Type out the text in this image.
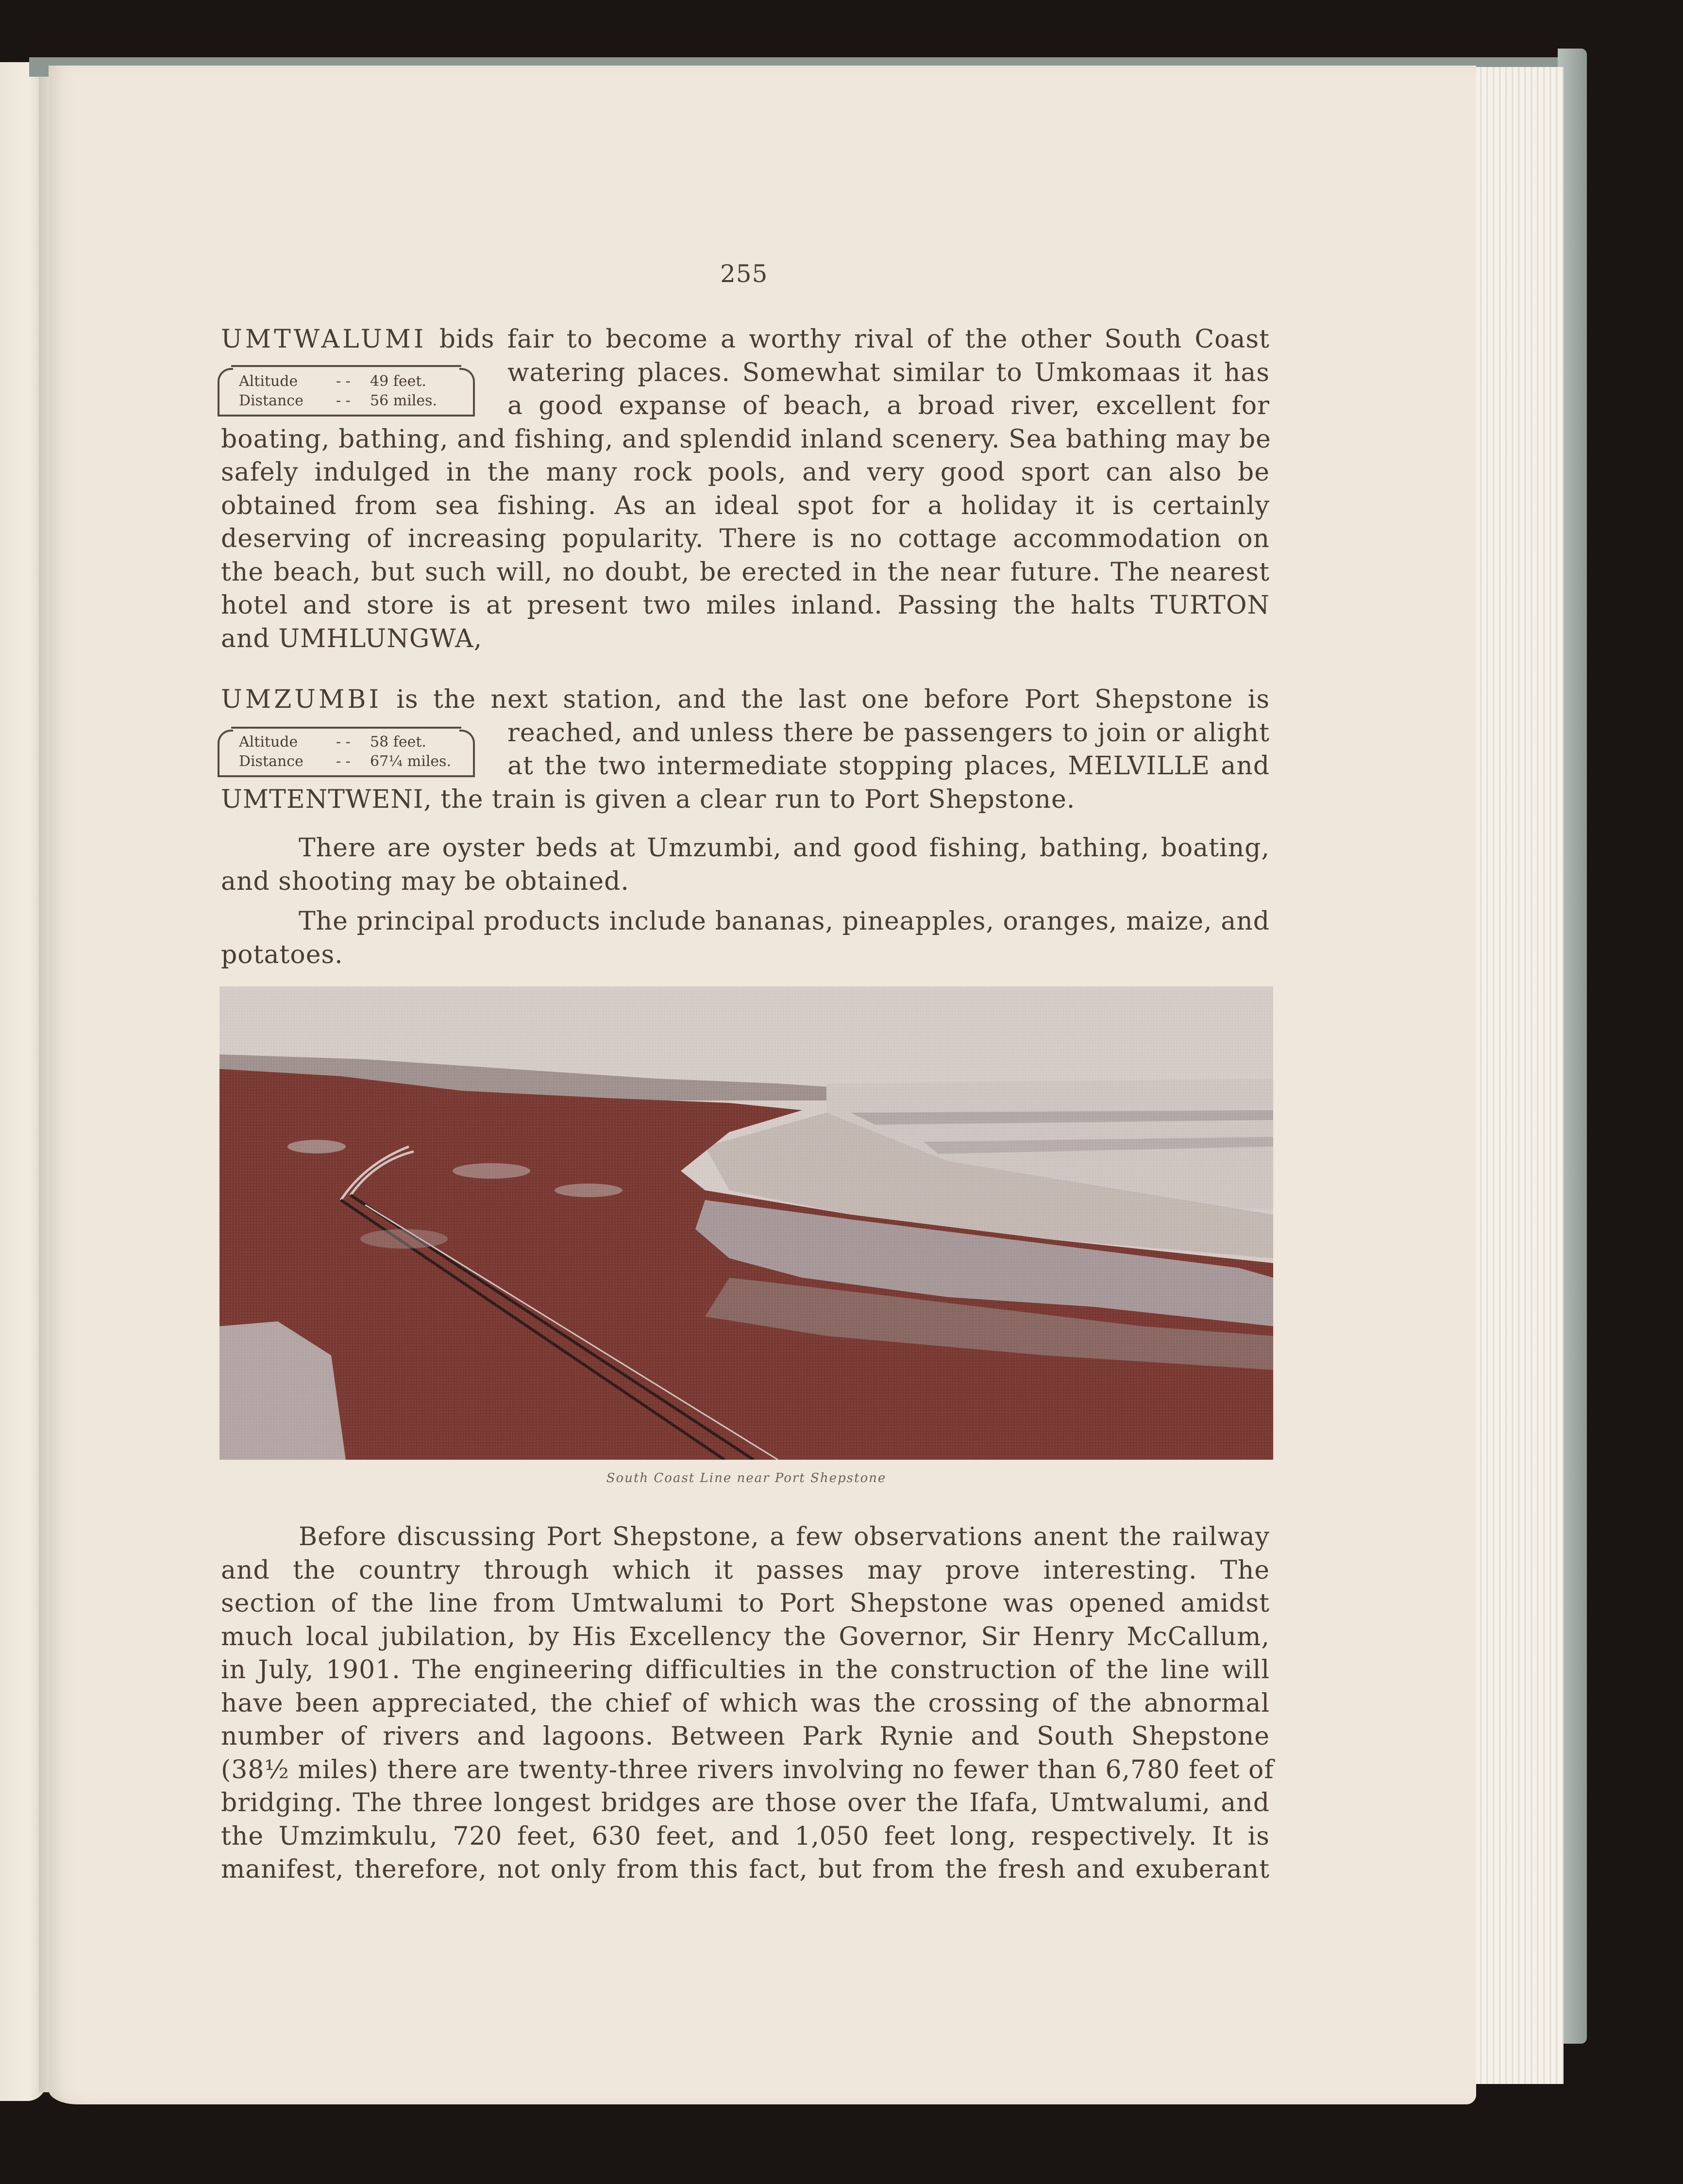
255
UMTWALUMI bids fair to become a worthy rival of the other South Coast
watering places. Somewhat similar to Umkomaas it has
a good expanse of beach, a broad river, excellent for
boating, bathing, and fishing, and splendid inland scenery. Sea bathing may be
safely indulged in the many rock pools, and very good sport can also be
obtained from sea fishing. As an ideal spot for a holiday it is certainly
deserving of increasing popularity. There is no cottage accommodation on
the beach, but such will, no doubt, be erected in the near future. The nearest
hotel and store is at present two miles inland. Passing the halts TURTON
and UMHLUNGWA,
Altitude	- - 49 feet.
Distance - - 56 miles.
UMZUMBI is the next station, and the last one before Port Shepstone is
reached, and unless there be passengers to join or alight
at the two intermediate stopping places, MELVILLE and
UMTENTWENI, the train is given a clear run to Port Shepstone.
Altitude	- - 58 feet.
Distance - - 67¼ miles.
There are oyster beds at Umzumbi, and good fishing, bathing, boating,
and shooting may be obtained.
The principal products include bananas, pineapples, oranges, maize, and
potatoes.
South Coast Line near Port Shepstone
Before discussing Port Shepstone, a few observations anent the railway
and the country through which it passes may prove interesting. The
section of the line from Umtwalumi to Port Shepstone was opened amidst
much local jubilation, by His Excellency the Governor, Sir Henry McCallum,
in July, 1901. The engineering difficulties in the construction of the line will
have been appreciated, the chief of which was the crossing of the abnormal
number of rivers and lagoons. Between Park Rynie and South Shepstone
(38½ miles) there are twenty-three rivers involving no fewer than 6,780 feet of
bridging. The three longest bridges are those over the Ifafa, Umtwalumi, and
the Umzimkulu, 720 feet, 630 feet, and 1,050 feet long, respectively. It is
manifest, therefore, not only from this fact, but from the fresh and exuberant
